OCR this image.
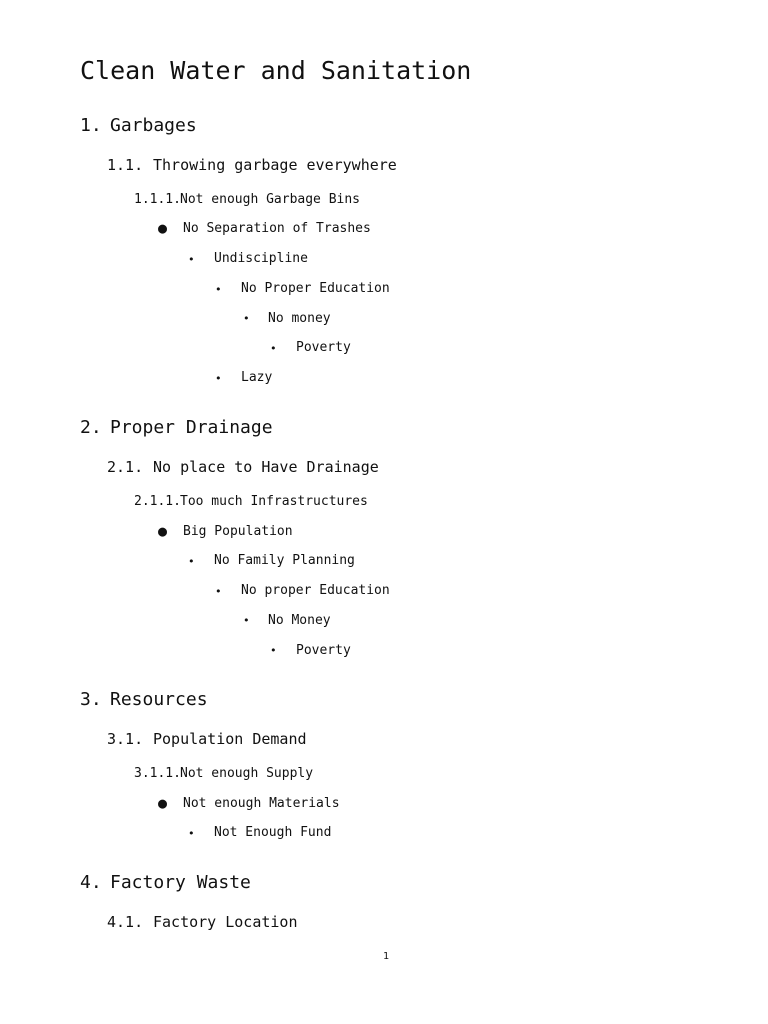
Clean Water and Sanitation
1. Garbages
1.1. Throwing garbage everywhere
1.1.1. Not enough Garbage Bins
● No Separation of Trashes
• Undiscipline
• No Proper Education
• No money
• Poverty
• Lazy
2. Proper Drainage
2.1. No place to Have Drainage
2.1.1. Too much Infrastructures
● Big Population
• No Family Planning
• No proper Education
• No Money
• Poverty
3. Resources
3.1. Population Demand
3.1.1. Not enough Supply
● Not enough Materials
• Not Enough Fund
4. Factory Waste
4.1. Factory Location
1
